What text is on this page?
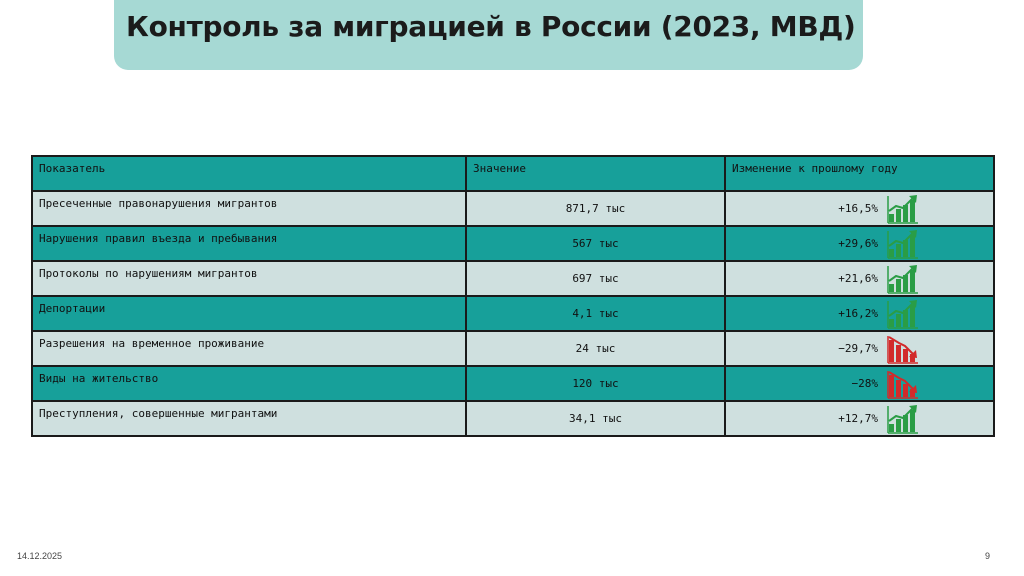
Контроль за миграцией в России (2023, МВД)
Показатель	Значение	Изменение к прошлому году

Пресеченные правонарушения мигрантов	871,7 тыс	+16,5%

Нарушения правил въезда и пребывания	567 тыс	+29,6%

Протоколы по нарушениям мигрантов	697 тыс	+21,6%

Депортации	4,1 тыс	+16,2%

Разрешения на временное проживание	24 тыс	−29,7%

Виды на жительство	120 тыс	−28%

Преступления, совершенные мигрантами	34,1 тыс	+12,7%
14.12.2025	9
